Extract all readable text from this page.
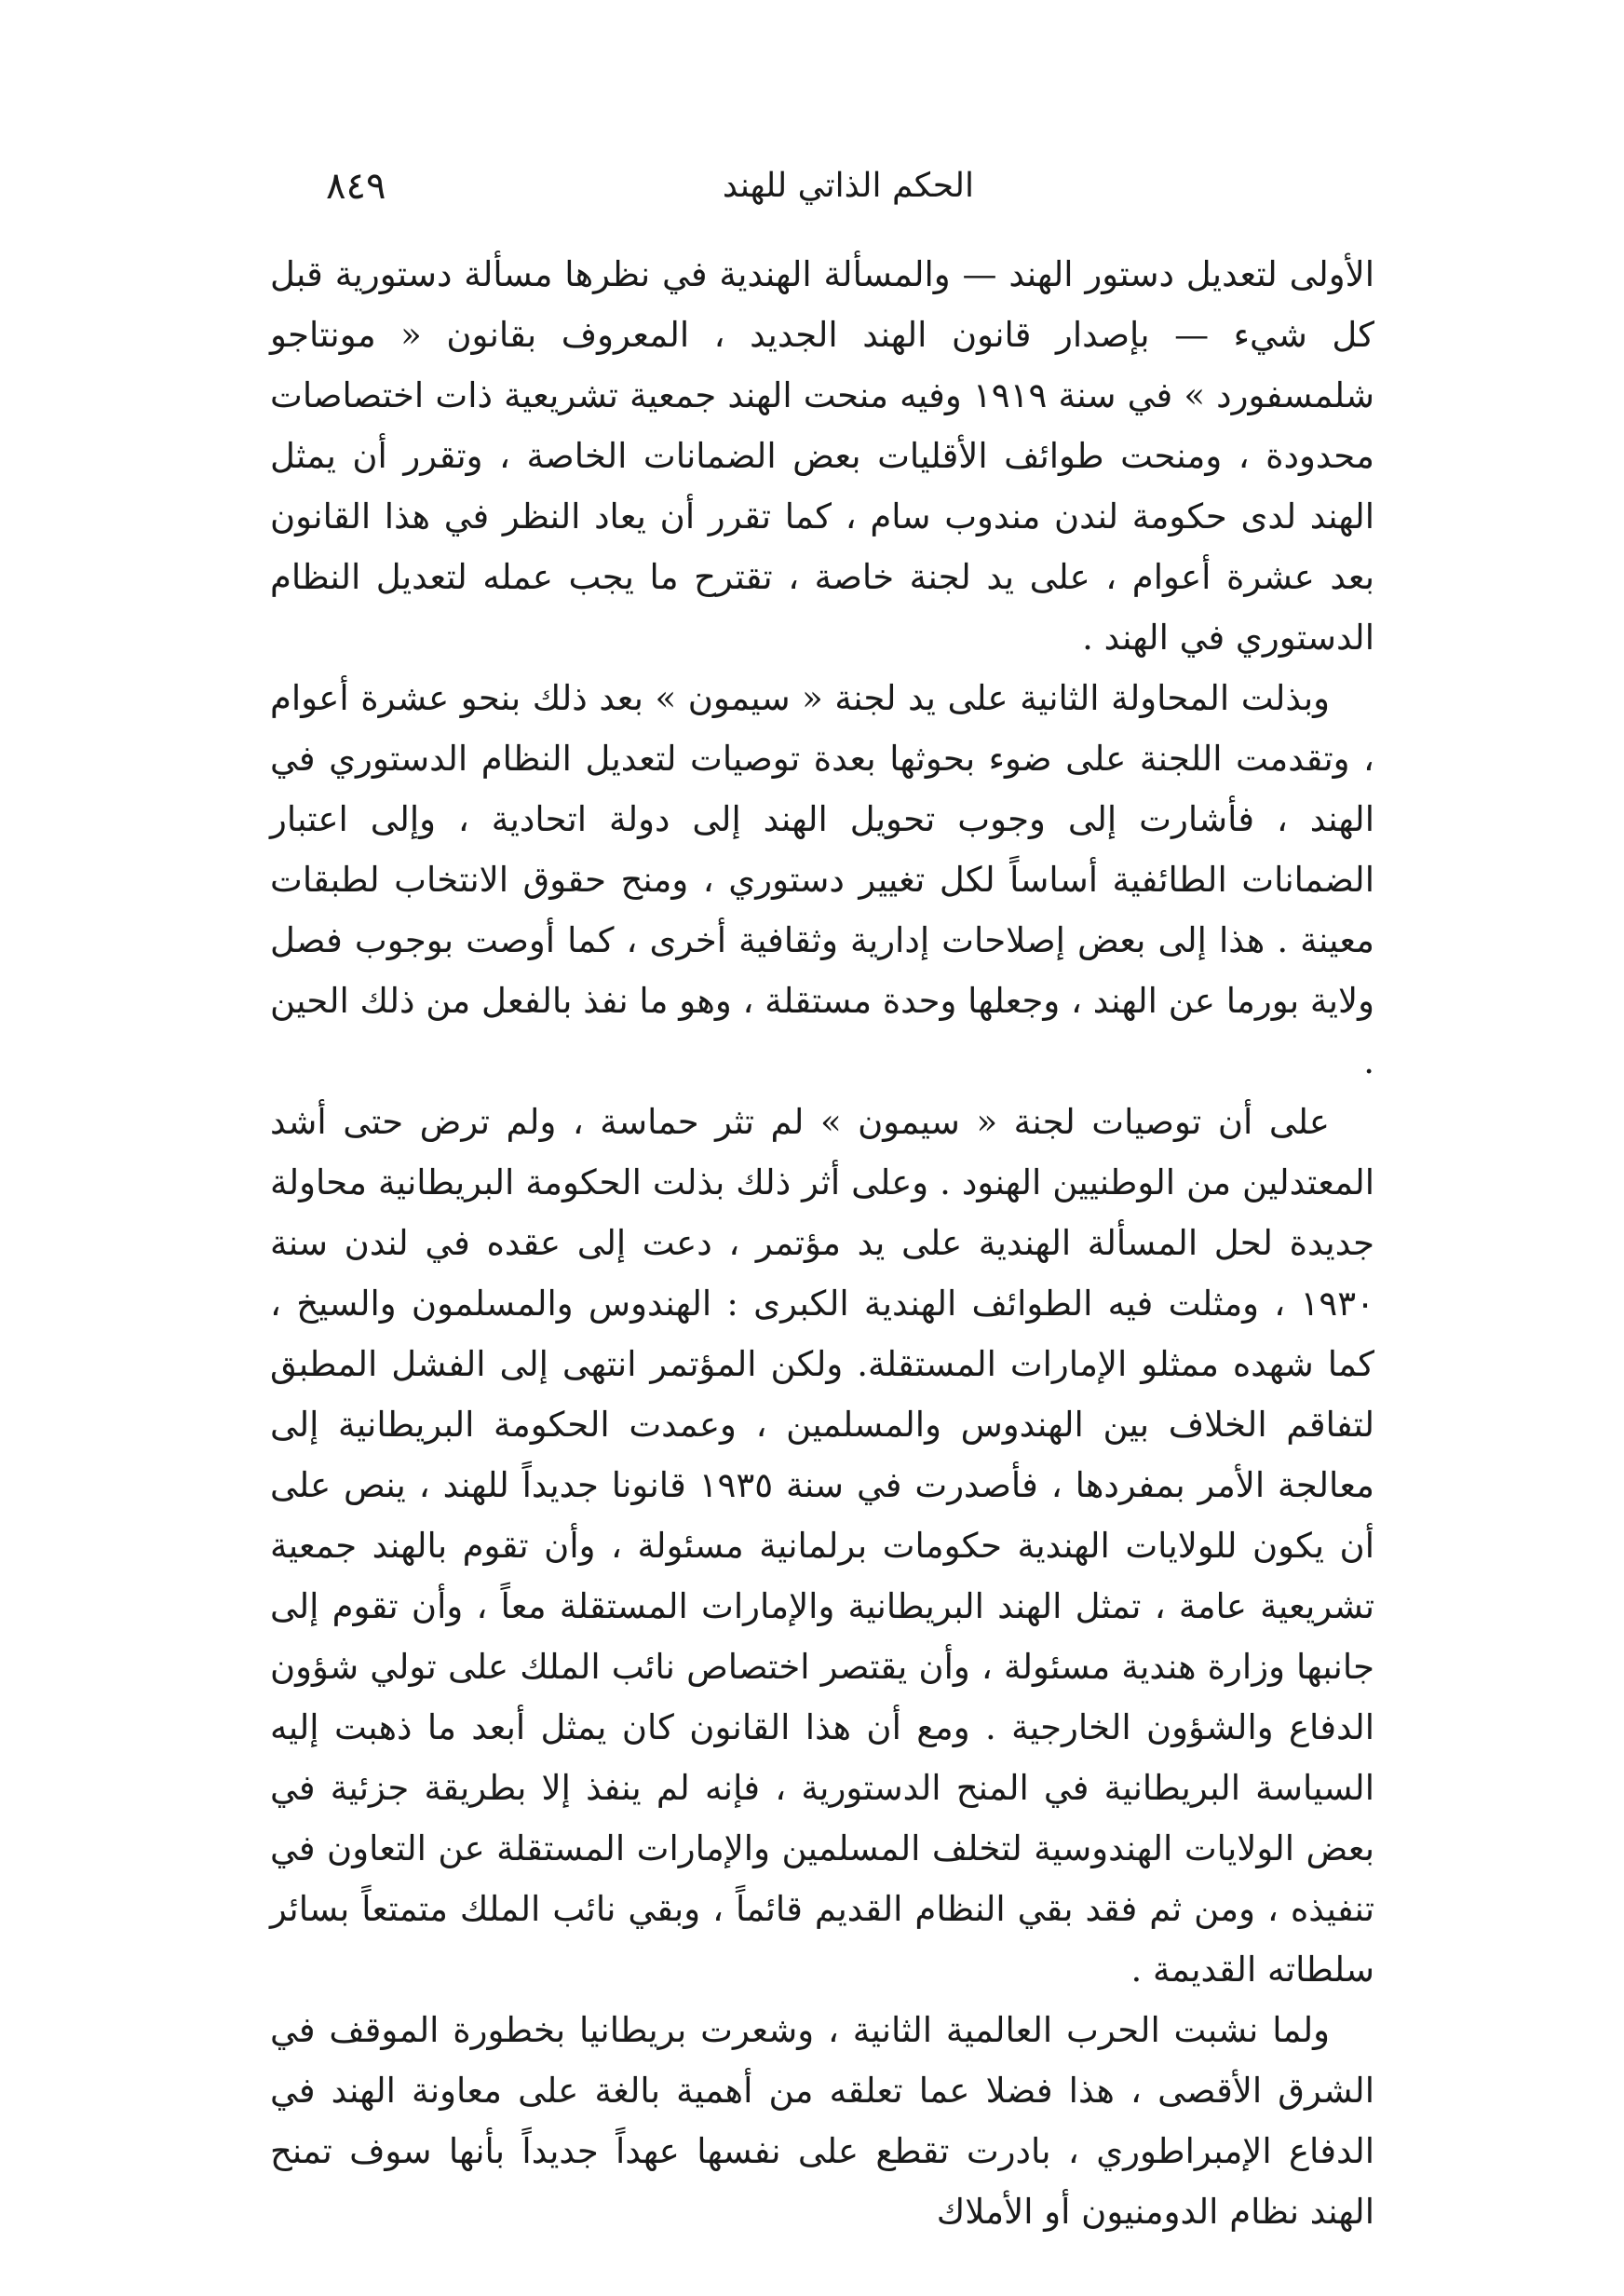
الحكم الذاتي للهند
٨٤٩

الأولى لتعديل دستور الهند — والمسألة الهندية في نظرها مسألة دستورية قبل كل شيء — بإصدار قانون الهند الجديد ، المعروف بقانون « مونتاجو شلمسفورد » في سنة ١٩١٩ وفيه منحت الهند جمعية تشريعية ذات اختصاصات محدودة ، ومنحت طوائف الأقليات بعض الضمانات الخاصة ، وتقرر أن يمثل الهند لدى حكومة لندن مندوب سام ، كما تقرر أن يعاد النظر في هذا القانون بعد عشرة أعوام ، على يد لجنة خاصة ، تقترح ما يجب عمله لتعديل النظام الدستوري في الهند .

وبذلت المحاولة الثانية على يد لجنة « سيمون » بعد ذلك بنحو عشرة أعوام ، وتقدمت اللجنة على ضوء بحوثها بعدة توصيات لتعديل النظام الدستوري في الهند ، فأشارت إلى وجوب تحويل الهند إلى دولة اتحادية ، وإلى اعتبار الضمانات الطائفية أساساً لكل تغيير دستوري ، ومنح حقوق الانتخاب لطبقات معينة . هذا إلى بعض إصلاحات إدارية وثقافية أخرى ، كما أوصت بوجوب فصل ولاية بورما عن الهند ، وجعلها وحدة مستقلة ، وهو ما نفذ بالفعل من ذلك الحين .

على أن توصيات لجنة « سيمون » لم تثر حماسة ، ولم ترض حتى أشد المعتدلين من الوطنيين الهنود . وعلى أثر ذلك بذلت الحكومة البريطانية محاولة جديدة لحل المسألة الهندية على يد مؤتمر ، دعت إلى عقده في لندن سنة ١٩٣٠ ، ومثلت فيه الطوائف الهندية الكبرى : الهندوس والمسلمون والسيخ ، كما شهده ممثلو الإمارات المستقلة. ولكن المؤتمر انتهى إلى الفشل المطبق لتفاقم الخلاف بين الهندوس والمسلمين ، وعمدت الحكومة البريطانية إلى معالجة الأمر بمفردها ، فأصدرت في سنة ١٩٣٥ قانونا جديداً للهند ، ينص على أن يكون للولايات الهندية حكومات برلمانية مسئولة ، وأن تقوم بالهند جمعية تشريعية عامة ، تمثل الهند البريطانية والإمارات المستقلة معاً ، وأن تقوم إلى جانبها وزارة هندية مسئولة ، وأن يقتصر اختصاص نائب الملك على تولي شؤون الدفاع والشؤون الخارجية . ومع أن هذا القانون كان يمثل أبعد ما ذهبت إليه السياسة البريطانية في المنح الدستورية ، فإنه لم ينفذ إلا بطريقة جزئية في بعض الولايات الهندوسية لتخلف المسلمين والإمارات المستقلة عن التعاون في تنفيذه ، ومن ثم فقد بقي النظام القديم قائماً ، وبقي نائب الملك متمتعاً بسائر سلطاته القديمة .

ولما نشبت الحرب العالمية الثانية ، وشعرت بريطانيا بخطورة الموقف في الشرق الأقصى ، هذا فضلا عما تعلقه من أهمية بالغة على معاونة الهند في الدفاع الإمبراطوري ، بادرت تقطع على نفسها عهداً جديداً بأنها سوف تمنح الهند نظام الدومنيون أو الأملاك
